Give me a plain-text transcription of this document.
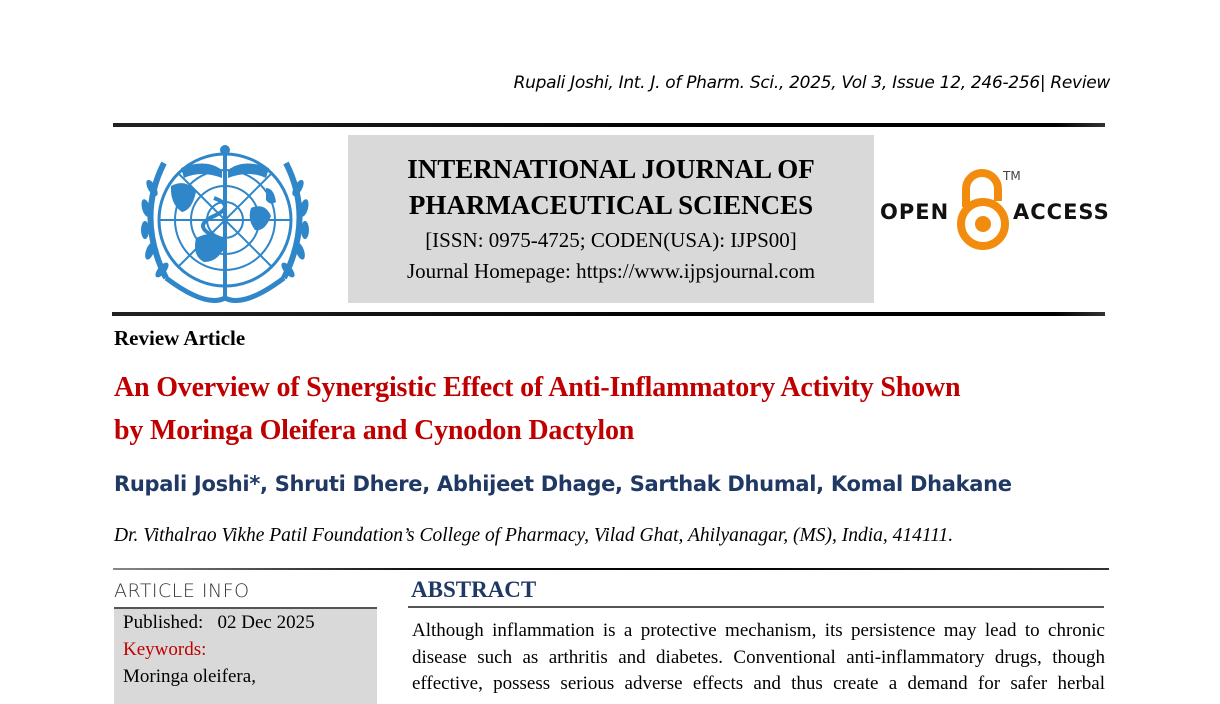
Rupali Joshi, Int. J. of Pharm. Sci., 2025, Vol 3, Issue 12, 246-256| Review
INTERNATIONAL JOURNAL OF
PHARMACEUTICAL SCIENCES
[ISSN: 0975-4725; CODEN(USA): IJPS00]
Journal Homepage: https://www.ijpsjournal.com
OPEN
TM
ACCESS
Review Article
An Overview of Synergistic Effect of Anti-Inflammatory Activity Shown
by Moringa Oleifera and Cynodon Dactylon
Rupali Joshi*, Shruti Dhere, Abhijeet Dhage, Sarthak Dhumal, Komal Dhakane
Dr. Vithalrao Vikhe Patil Foundation’s College of Pharmacy, Vilad Ghat, Ahilyanagar, (MS), India, 414111.
ARTICLE INFO
Published: 02 Dec 2025
Keywords:
Moringa oleifera,
ABSTRACT
Although inflammation is a protective mechanism, its persistence may lead to chronic
disease such as arthritis and diabetes. Conventional anti-inflammatory drugs, though
effective, possess serious adverse effects and thus create a demand for safer herbal
